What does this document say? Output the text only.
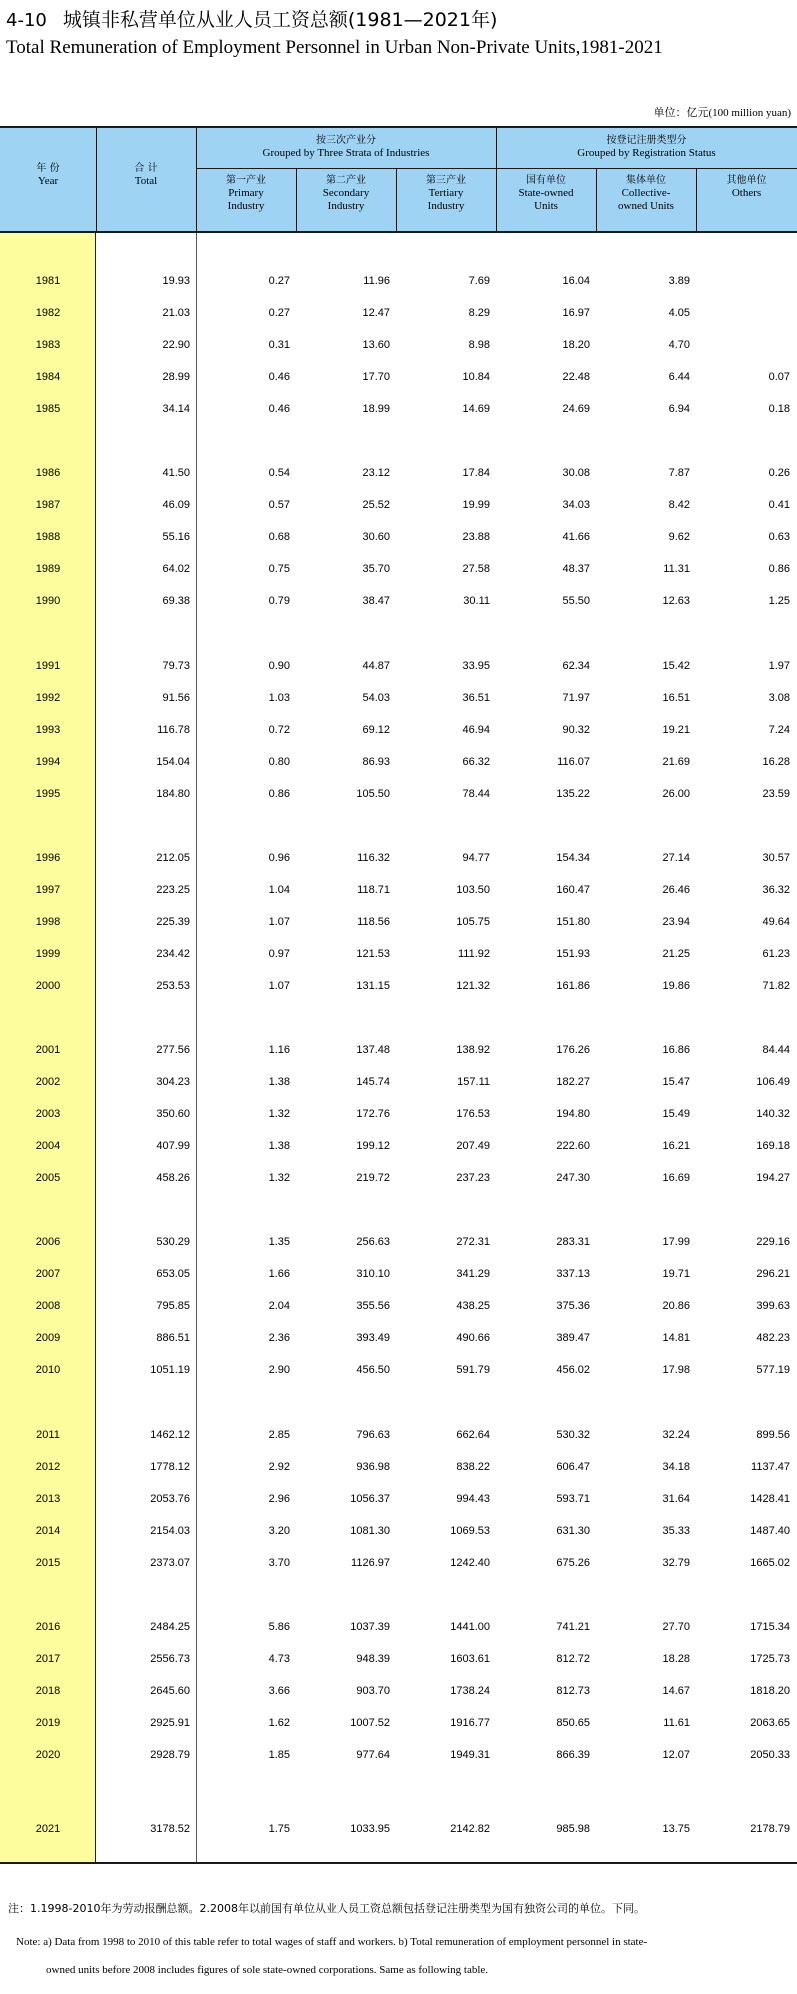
4-10 城镇非私营单位从业人员工资总额(1981—2021年)
Total Remuneration of Employment Personnel in Urban Non-Private Units,1981-2021
单位：亿元(100 million yuan)
年 份
Year
合 计
Total
按三次产业分
Grouped by Three Strata of Industries
按登记注册类型分
Grouped by Registration Status
第一产业
Primary
Industry
第二产业
Secondary
Industry
第三产业
Tertiary
Industry
国有单位
State-owned
Units
集体单位
Collective-
owned Units
其他单位
Others
1981	19.93	0.27	11.96	7.69	16.04	3.89
1982	21.03	0.27	12.47	8.29	16.97	4.05
1983	22.90	0.31	13.60	8.98	18.20	4.70
1984	28.99	0.46	17.70	10.84	22.48	6.44	0.07
1985	34.14	0.46	18.99	14.69	24.69	6.94	0.18
1986	41.50	0.54	23.12	17.84	30.08	7.87	0.26
1987	46.09	0.57	25.52	19.99	34.03	8.42	0.41
1988	55.16	0.68	30.60	23.88	41.66	9.62	0.63
1989	64.02	0.75	35.70	27.58	48.37	11.31	0.86
1990	69.38	0.79	38.47	30.11	55.50	12.63	1.25
1991	79.73	0.90	44.87	33.95	62.34	15.42	1.97
1992	91.56	1.03	54.03	36.51	71.97	16.51	3.08
1993	116.78	0.72	69.12	46.94	90.32	19.21	7.24
1994	154.04	0.80	86.93	66.32	116.07	21.69	16.28
1995	184.80	0.86	105.50	78.44	135.22	26.00	23.59
1996	212.05	0.96	116.32	94.77	154.34	27.14	30.57
1997	223.25	1.04	118.71	103.50	160.47	26.46	36.32
1998	225.39	1.07	118.56	105.75	151.80	23.94	49.64
1999	234.42	0.97	121.53	111.92	151.93	21.25	61.23
2000	253.53	1.07	131.15	121.32	161.86	19.86	71.82
2001	277.56	1.16	137.48	138.92	176.26	16.86	84.44
2002	304.23	1.38	145.74	157.11	182.27	15.47	106.49
2003	350.60	1.32	172.76	176.53	194.80	15.49	140.32
2004	407.99	1.38	199.12	207.49	222.60	16.21	169.18
2005	458.26	1.32	219.72	237.23	247.30	16.69	194.27
2006	530.29	1.35	256.63	272.31	283.31	17.99	229.16
2007	653.05	1.66	310.10	341.29	337.13	19.71	296.21
2008	795.85	2.04	355.56	438.25	375.36	20.86	399.63
2009	886.51	2.36	393.49	490.66	389.47	14.81	482.23
2010	1051.19	2.90	456.50	591.79	456.02	17.98	577.19
2011	1462.12	2.85	796.63	662.64	530.32	32.24	899.56
2012	1778.12	2.92	936.98	838.22	606.47	34.18	1137.47
2013	2053.76	2.96	1056.37	994.43	593.71	31.64	1428.41
2014	2154.03	3.20	1081.30	1069.53	631.30	35.33	1487.40
2015	2373.07	3.70	1126.97	1242.40	675.26	32.79	1665.02
2016	2484.25	5.86	1037.39	1441.00	741.21	27.70	1715.34
2017	2556.73	4.73	948.39	1603.61	812.72	18.28	1725.73
2018	2645.60	3.66	903.70	1738.24	812.73	14.67	1818.20
2019	2925.91	1.62	1007.52	1916.77	850.65	11.61	2063.65
2020	2928.79	1.85	977.64	1949.31	866.39	12.07	2050.33
2021	3178.52	1.75	1033.95	2142.82	985.98	13.75	2178.79
注：1.1998-2010年为劳动报酬总额。2.2008年以前国有单位从业人员工资总额包括登记注册类型为国有独资公司的单位。下同。
Note: a) Data from 1998 to 2010 of this table refer to total wages of staff and workers. b) Total remuneration of employment personnel in state-
owned units before 2008 includes figures of sole state-owned corporations. Same as following table.
